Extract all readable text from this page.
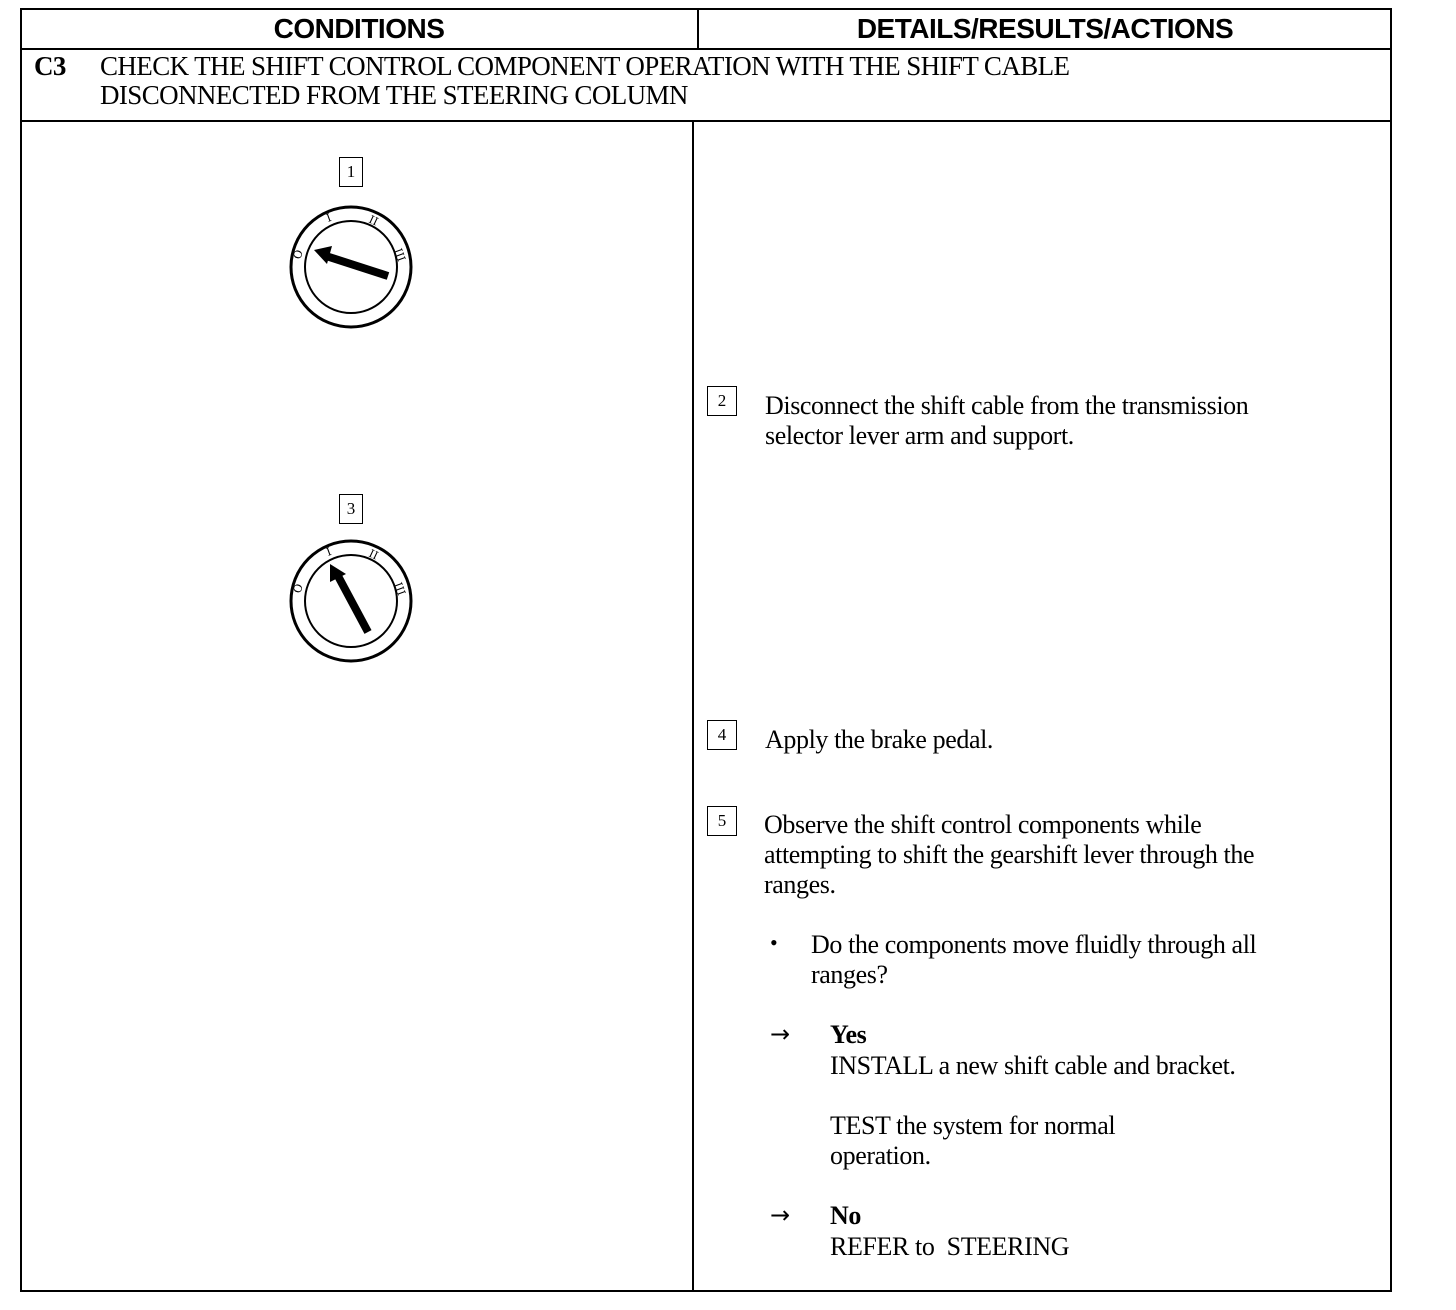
CONDITIONS	DETAILS/RESULTS/ACTIONS
C3 CHECK THE SHIFT CONTROL COMPONENT OPERATION WITH THE SHIFT CABLE
DISCONNECTED FROM THE STEERING COLUMN
1
O
I	II
III
3
O
I	II
III
2	Disconnect the shift cable from the transmission
selector lever arm and support.
4	Apply the brake pedal.
5	Observe the shift control components while
attempting to shift the gearshift lever through the
ranges.
• Do the components move fluidly through all
ranges?
→ Yes
INSTALL a new shift cable and bracket.
TEST the system for normal
operation.
→ No
REFER to  STEERING
